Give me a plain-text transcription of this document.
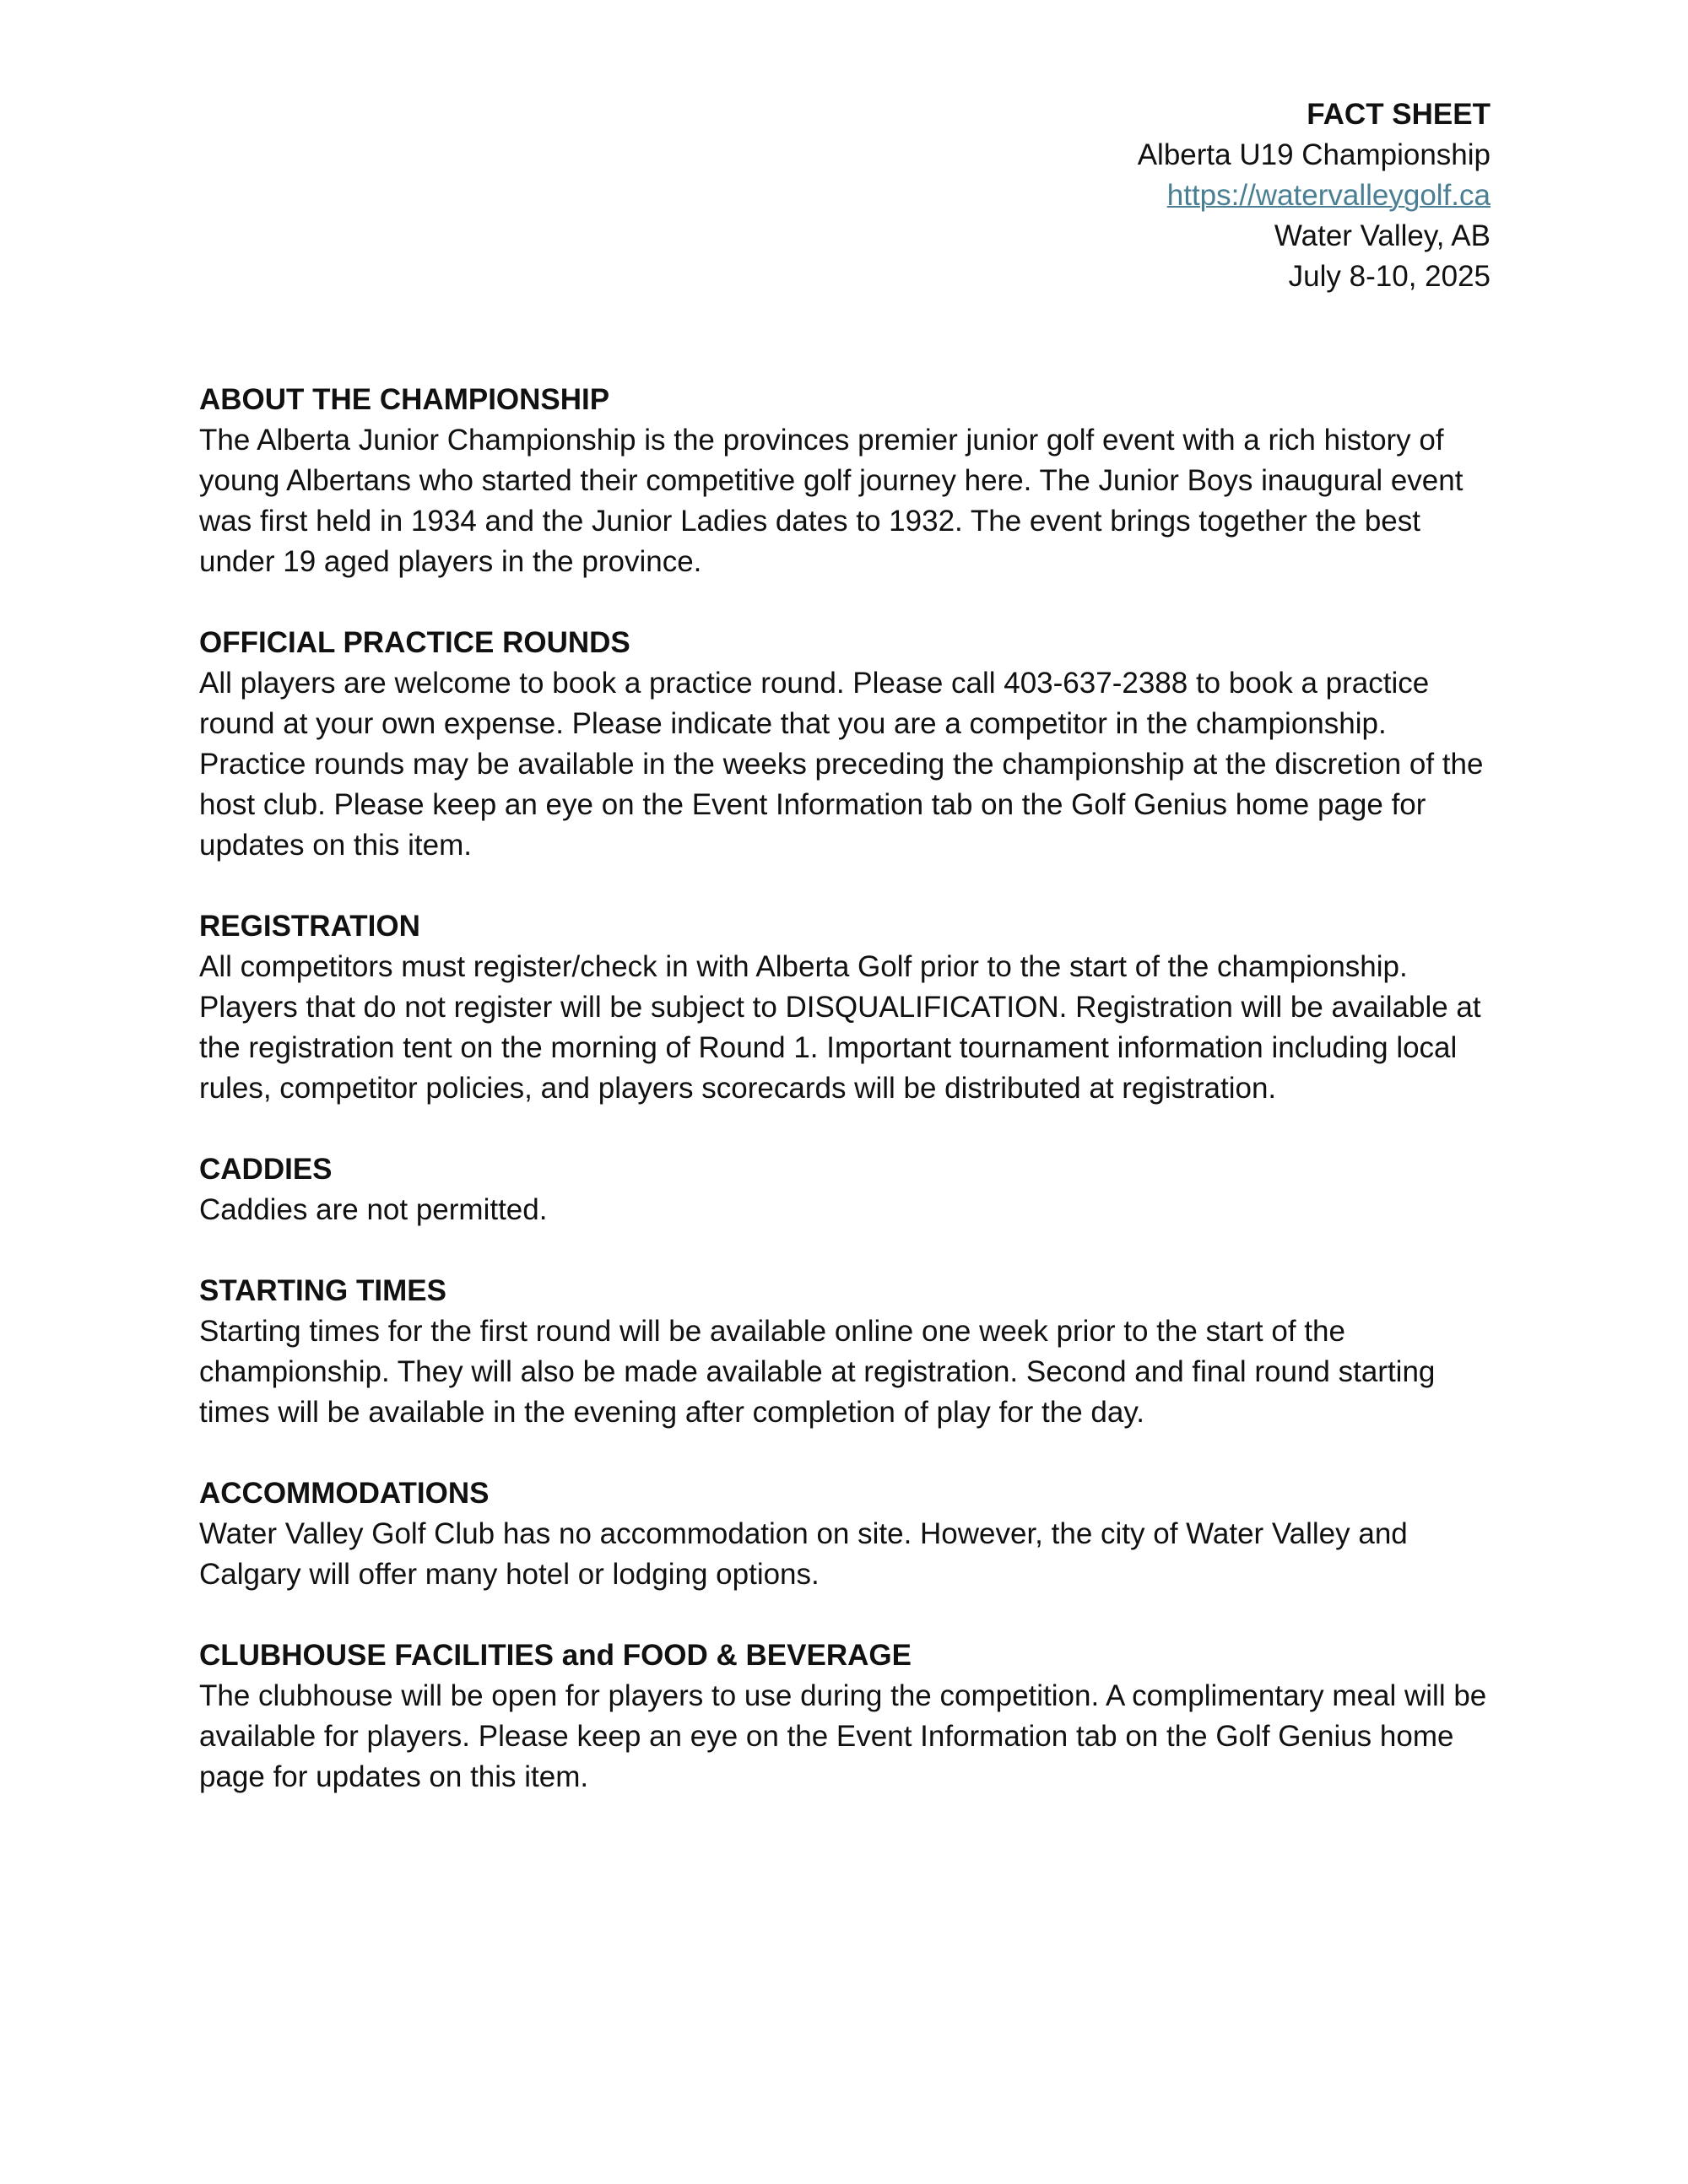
FACT SHEET
Alberta U19 Championship
https://watervalleygolf.ca
Water Valley, AB
July 8-10, 2025
ABOUT THE CHAMPIONSHIP

The Alberta Junior Championship is the provinces premier junior golf event with a rich history of young Albertans who started their competitive golf journey here. The Junior Boys inaugural event was first held in 1934 and the Junior Ladies dates to 1932. The event brings together the best under 19 aged players in the province.

OFFICIAL PRACTICE ROUNDS

All players are welcome to book a practice round. Please call 403-637-2388 to book a practice round at your own expense. Please indicate that you are a competitor in the championship. Practice rounds may be available in the weeks preceding the championship at the discretion of the host club. Please keep an eye on the Event Information tab on the Golf Genius home page for updates on this item.

REGISTRATION

All competitors must register/check in with Alberta Golf prior to the start of the championship. Players that do not register will be subject to DISQUALIFICATION. Registration will be available at the registration tent on the morning of Round 1. Important tournament information including local rules, competitor policies, and players scorecards will be distributed at registration.

CADDIES

Caddies are not permitted.

STARTING TIMES

Starting times for the first round will be available online one week prior to the start of the championship. They will also be made available at registration. Second and final round starting times will be available in the evening after completion of play for the day.

ACCOMMODATIONS

Water Valley Golf Club has no accommodation on site. However, the city of Water Valley and Calgary will offer many hotel or lodging options.

CLUBHOUSE FACILITIES and FOOD & BEVERAGE

The clubhouse will be open for players to use during the competition. A complimentary meal will be available for players. Please keep an eye on the Event Information tab on the Golf Genius home page for updates on this item.
